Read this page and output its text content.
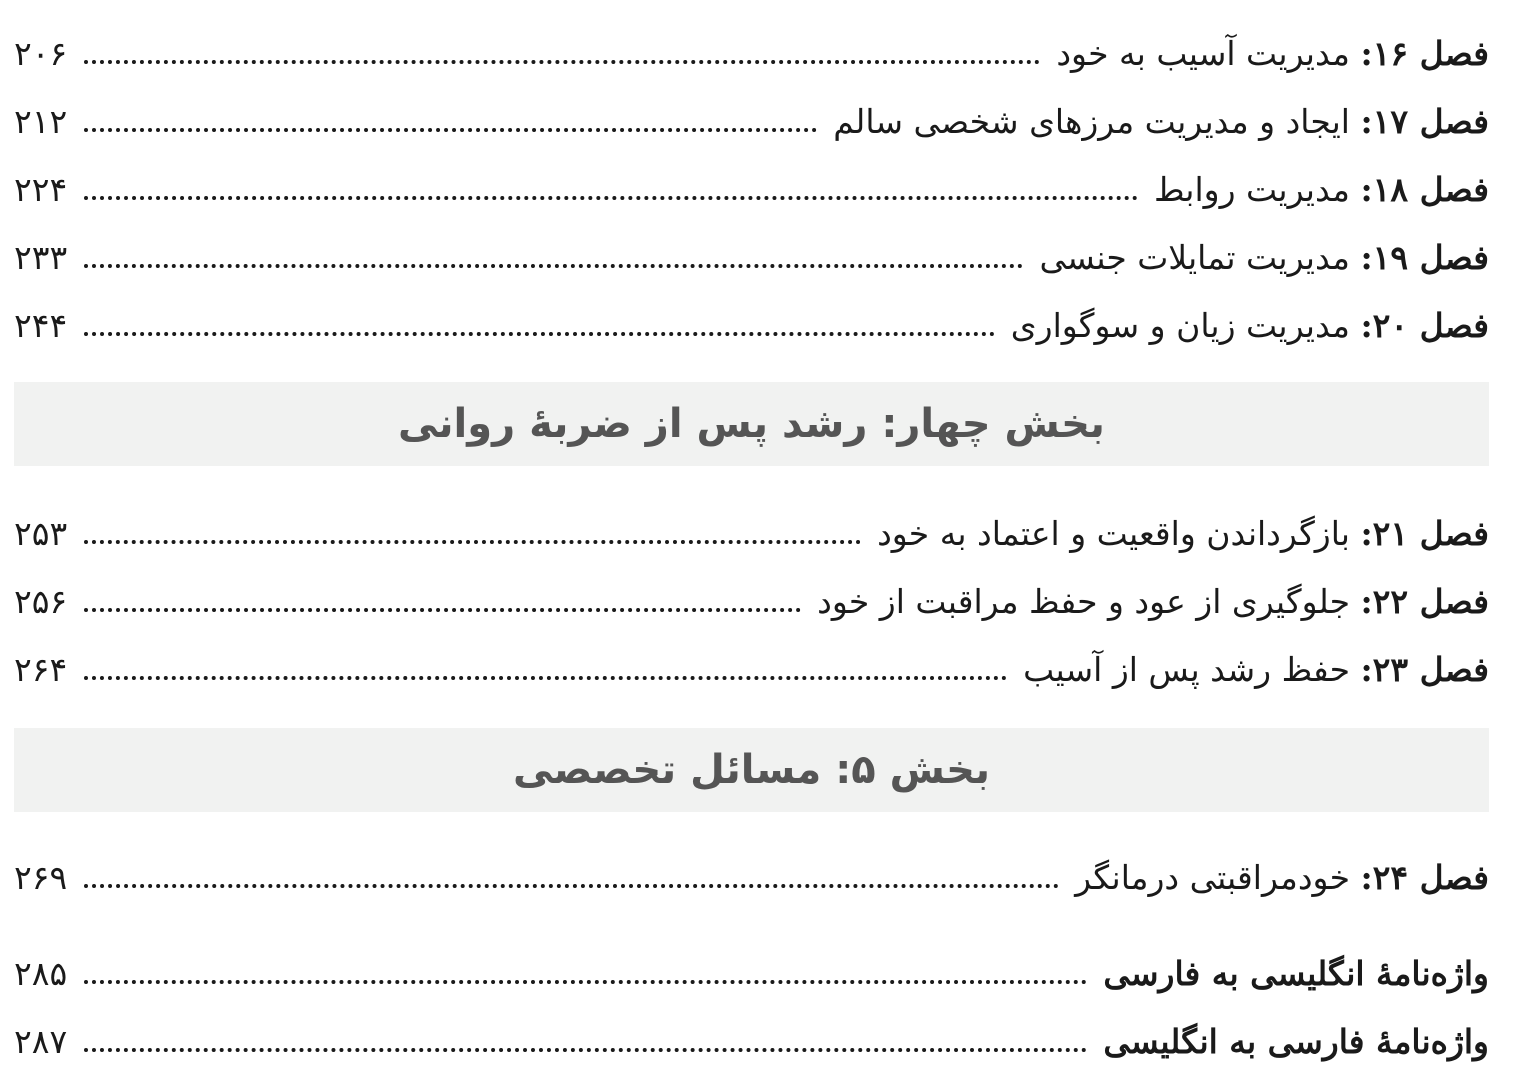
فصل ۱۶: مدیریت آسیب به خود
۲۰۶
فصل ۱۷: ایجاد و مدیریت مرزهای شخصی سالم
۲۱۲
فصل ۱۸: مدیریت روابط
۲۲۴
فصل ۱۹: مدیریت تمایلات جنسی
۲۳۳
فصل ۲۰: مدیریت زیان و سوگواری
۲۴۴
بخش چهار: رشد پس از ضربهٔ روانی
فصل ۲۱: بازگرداندن واقعیت و اعتماد به خود
۲۵۳
فصل ۲۲: جلوگیری از عود و حفظ مراقبت از خود
۲۵۶
فصل ۲۳: حفظ رشد پس از آسیب
۲۶۴
بخش ۵: مسائل تخصصی
فصل ۲۴: خودمراقبتی درمانگر
۲۶۹
واژه‌نامهٔ انگلیسی به فارسی
۲۸۵
واژه‌نامهٔ فارسی به انگلیسی
۲۸۷
